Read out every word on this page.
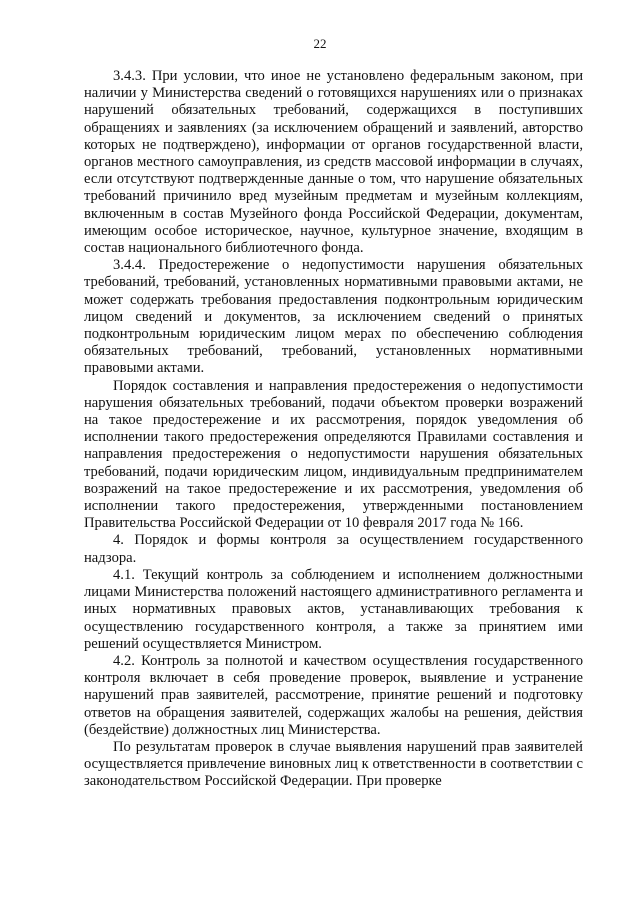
22

3.4.3. При условии, что иное не установлено федеральным законом, при наличии у Министерства сведений о готовящихся нарушениях или о признаках нарушений обязательных требований, содержащихся в поступивших обращениях и заявлениях (за исключением обращений и заявлений, авторство которых не подтверждено), информации от органов государственной власти, органов местного самоуправления, из средств массовой информации в случаях, если отсутствуют подтвержденные данные о том, что нарушение обязательных требований причинило вред музейным предметам и музейным коллекциям, включенным в состав Музейного фонда Российской Федерации, документам, имеющим особое историческое, научное, культурное значение, входящим в состав национального библиотечного фонда.

3.4.4. Предостережение о недопустимости нарушения обязательных требований, требований, установленных нормативными правовыми актами, не может содержать требования предоставления подконтрольным юридическим лицом сведений и документов, за исключением сведений о принятых подконтрольным юридическим лицом мерах по обеспечению соблюдения обязательных требований, требований, установленных нормативными правовыми актами.

Порядок составления и направления предостережения о недопустимости нарушения обязательных требований, подачи объектом проверки возражений на такое предостережение и их рассмотрения, порядок уведомления об исполнении такого предостережения определяются Правилами составления и направления предостережения о недопустимости нарушения обязательных требований, подачи юридическим лицом, индивидуальным предпринимателем возражений на такое предостережение и их рассмотрения, уведомления об исполнении такого предостережения, утвержденными постановлением Правительства Российской Федерации от 10 февраля 2017 года № 166.

4. Порядок и формы контроля за осуществлением государственного надзора.

4.1. Текущий контроль за соблюдением и исполнением должностными лицами Министерства положений настоящего административного регламента и иных нормативных правовых актов, устанавливающих требования к осуществлению государственного контроля, а также за принятием ими решений осуществляется Министром.

4.2. Контроль за полнотой и качеством осуществления государственного контроля включает в себя проведение проверок, выявление и устранение нарушений прав заявителей, рассмотрение, принятие решений и подготовку ответов на обращения заявителей, содержащих жалобы на решения, действия (бездействие) должностных лиц Министерства.

По результатам проверок в случае выявления нарушений прав заявителей осуществляется привлечение виновных лиц к ответственности в соответствии с законодательством Российской Федерации. При проверке
